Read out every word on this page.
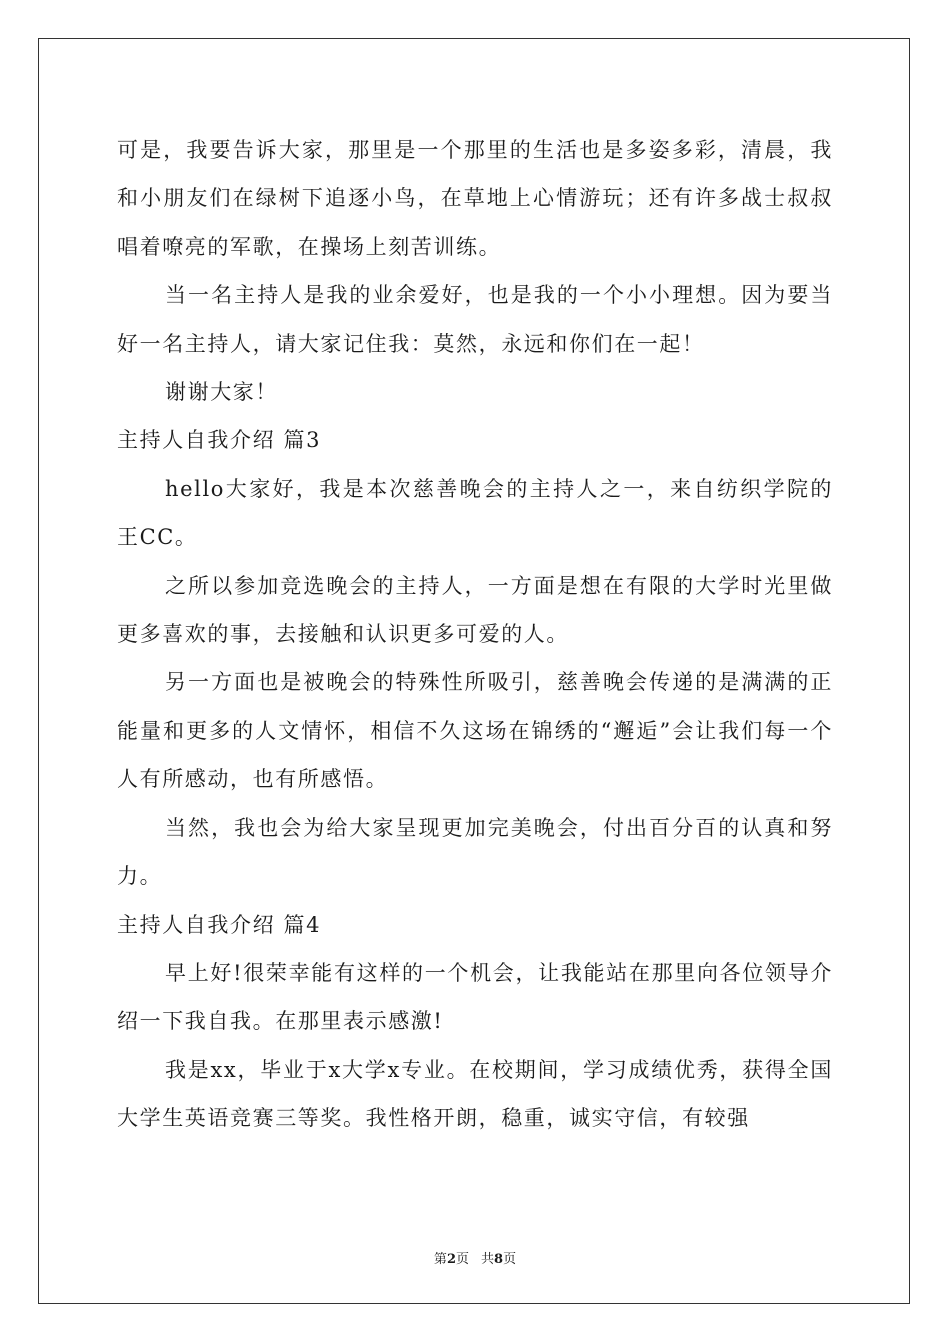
可是，我要告诉大家，那里是一个那里的生活也是多姿多彩，清晨，我和小朋友们在绿树下追逐小鸟，在草地上心情游玩；还有许多战士叔叔唱着嘹亮的军歌，在操场上刻苦训练。

当一名主持人是我的业余爱好，也是我的一个小小理想。因为要当好一名主持人，请大家记住我：莫然，永远和你们在一起！

谢谢大家！

主持人自我介绍 篇3

hello大家好，我是本次慈善晚会的主持人之一，来自纺织学院的王CC。

之所以参加竞选晚会的主持人，一方面是想在有限的大学时光里做更多喜欢的事，去接触和认识更多可爱的人。

另一方面也是被晚会的特殊性所吸引，慈善晚会传递的是满满的正能量和更多的人文情怀，相信不久这场在锦绣的“邂逅”会让我们每一个人有所感动，也有所感悟。

当然，我也会为给大家呈现更加完美晚会，付出百分百的认真和努力。

主持人自我介绍 篇4

早上好!很荣幸能有这样的一个机会，让我能站在那里向各位领导介绍一下我自我。在那里表示感激!

我是xx，毕业于x大学x专业。在校期间，学习成绩优秀，获得全国大学生英语竞赛三等奖。我性格开朗，稳重，诚实守信，有较强

第2页 共8页
